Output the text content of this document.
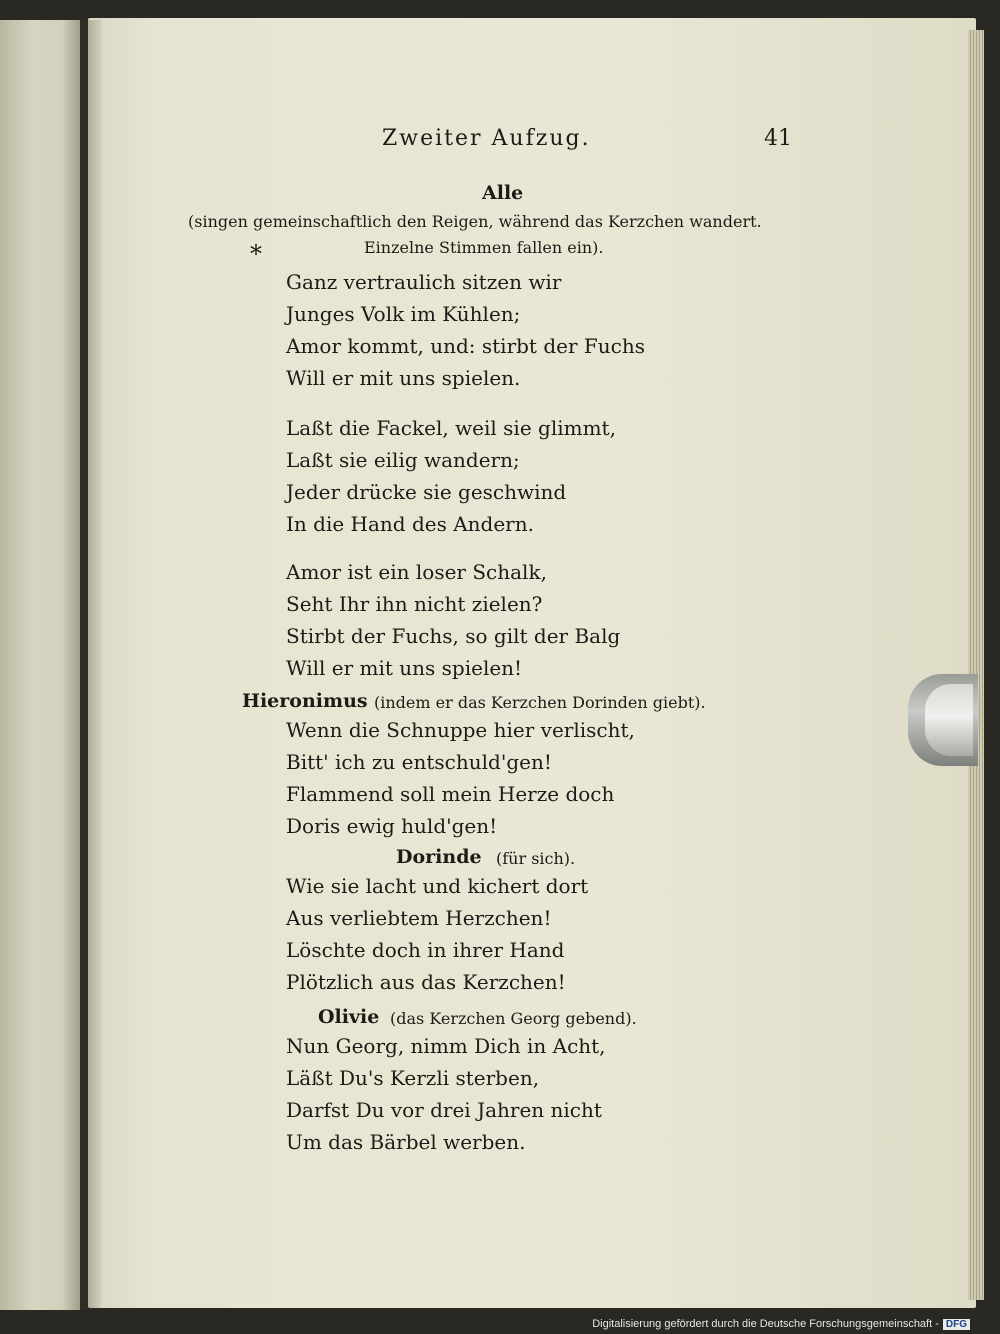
Zweiter Aufzug.	41
Alle
(singen gemeinschaftlich den Reigen, während das Kerzchen wandert.
Einzelne Stimmen fallen ein).
*
Ganz vertraulich sitzen wir
Junges Volk im Kühlen;
Amor kommt, und: stirbt der Fuchs
Will er mit uns spielen.
Laßt die Fackel, weil sie glimmt,
Laßt sie eilig wandern;
Jeder drücke sie geschwind
In die Hand des Andern.
Amor ist ein loser Schalk,
Seht Ihr ihn nicht zielen?
Stirbt der Fuchs, so gilt der Balg
Will er mit uns spielen!
Hieronimus (indem er das Kerzchen Dorinden giebt).
Wenn die Schnuppe hier verlischt,
Bitt' ich zu entschuld'gen!
Flammend soll mein Herze doch
Doris ewig huld'gen!
Dorinde (für sich).
Wie sie lacht und kichert dort
Aus verliebtem Herzchen!
Löschte doch in ihrer Hand
Plötzlich aus das Kerzchen!
Olivie (das Kerzchen Georg gebend).
Nun Georg, nimm Dich in Acht,
Läßt Du's Kerzli sterben,
Darfst Du vor drei Jahren nicht
Um das Bärbel werben.
Digitalisierung gefördert durch die Deutsche Forschungsgemeinschaft - DFG
